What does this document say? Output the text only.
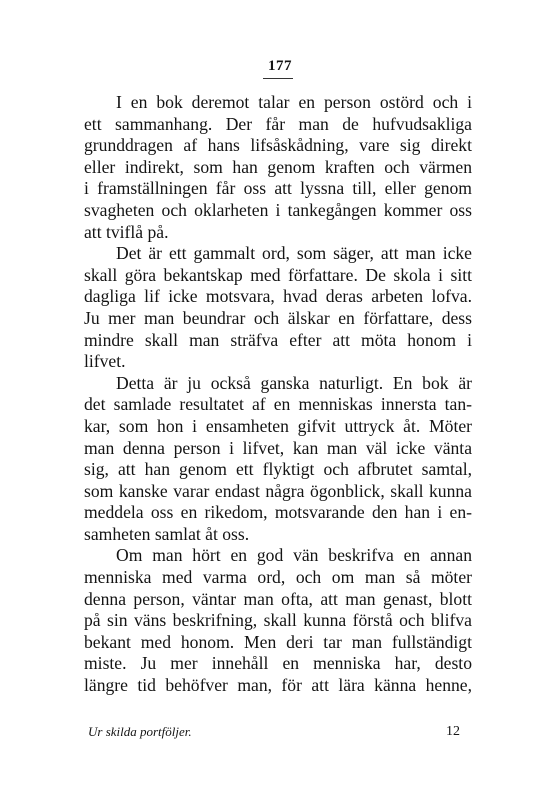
177
I en bok deremot talar en person ostörd och i
ett sammanhang. Der får man de hufvudsakliga
grunddragen af hans lifsåskådning, vare sig direkt
eller indirekt, som han genom kraften och värmen
i framställningen får oss att lyssna till, eller genom
svagheten och oklarheten i tankegången kommer oss
att tviflå på.
Det är ett gammalt ord, som säger, att man icke
skall göra bekantskap med författare. De skola i sitt
dagliga lif icke motsvara, hvad deras arbeten lofva.
Ju mer man beundrar och älskar en författare, dess
mindre skall man sträfva efter att möta honom i
lifvet.
Detta är ju också ganska naturligt. En bok är
det samlade resultatet af en menniskas innersta tan-
kar, som hon i ensamheten gifvit uttryck åt. Möter
man denna person i lifvet, kan man väl icke vänta
sig, att han genom ett flyktigt och afbrutet samtal,
som kanske varar endast några ögonblick, skall kunna
meddela oss en rikedom, motsvarande den han i en-
samheten samlat åt oss.
Om man hört en god vän beskrifva en annan
menniska med varma ord, och om man så möter
denna person, väntar man ofta, att man genast, blott
på sin väns beskrifning, skall kunna förstå och blifva
bekant med honom. Men deri tar man fullständigt
miste. Ju mer innehåll en menniska har, desto
längre tid behöfver man, för att lära känna henne,
Ur skilda portföljer.	12
